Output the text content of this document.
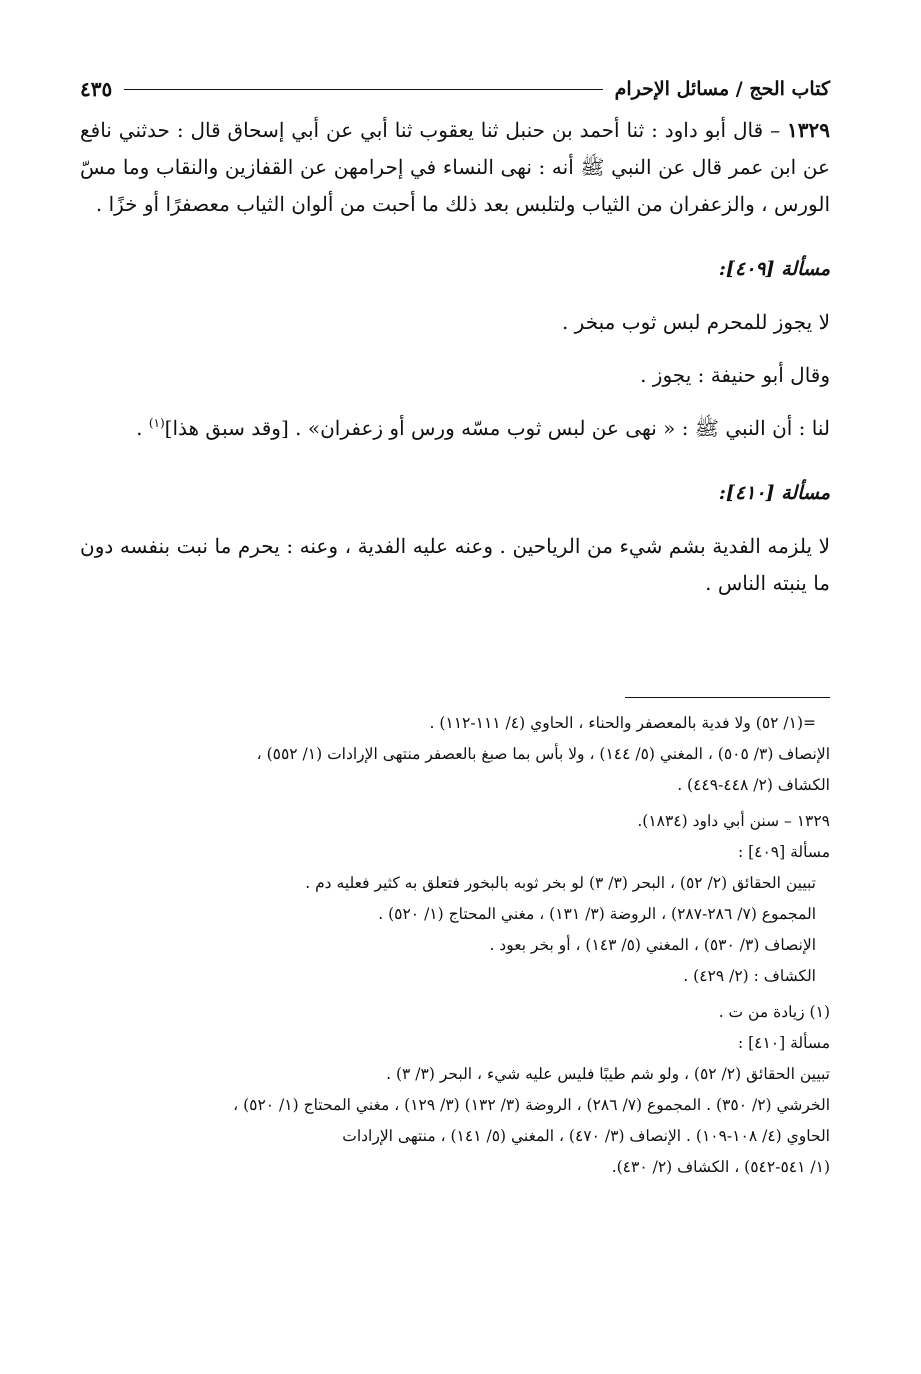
كتاب الحج / مسائل الإحرام
٤٣٥

١٣٢٩ – قال أبو داود : ثنا أحمد بن حنبل ثنا يعقوب ثنا أبي عن أبي إسحاق قال : حدثني نافع عن ابن عمر قال عن النبي ﷺ أنه : نهى النساء في إحرامهن عن القفازين والنقاب وما مسّ الورس ، والزعفران من الثياب ولتلبس بعد ذلك ما أحبت من ألوان الثياب معصفرًا أو خزًا .

مسألة [٤٠٩]:

لا يجوز للمحرم لبس ثوب مبخر .

وقال أبو حنيفة : يجوز .

لنا : أن النبي ﷺ : « نهى عن لبس ثوب مسّه ورس أو زعفران» . [وقد سبق هذا]$^{(١)}$ .

مسألة [٤١٠]:

لا يلزمه الفدية بشم شيء من الرياحين . وعنه عليه الفدية ، وعنه : يحرم ما نبت بنفسه دون ما ينبته الناس .

=(١/ ٥٢) ولا فدية بالمعصفر والحناء ، الحاوي (٤/ ١١١-١١٢) .
الإنصاف (٣/ ٥٠٥) ، المغني (٥/ ١٤٤) ، ولا بأس بما صبغ بالعصفر منتهى الإرادات (١/ ٥٥٢) ،
الكشاف (٢/ ٤٤٨-٤٤٩) .
١٣٢٩ – سنن أبي داود (١٨٣٤).
مسألة [٤٠٩] :
تبيين الحقائق (٢/ ٥٢) ، البحر (٣/ ٣) لو بخر ثوبه بالبخور فتعلق به كثير فعليه دم .
المجموع (٧/ ٢٨٦-٢٨٧) ، الروضة (٣/ ١٣١) ، مغني المحتاج (١/ ٥٢٠) .
الإنصاف (٣/ ٥٣٠) ، المغني (٥/ ١٤٣) ، أو بخر بعود .
الكشاف : (٢/ ٤٢٩) .
(١) زيادة من ت .
مسألة [٤١٠] :
تبيين الحقائق (٢/ ٥٢) ، ولو شم طيبًا فليس عليه شيء ، البحر (٣/ ٣) .
الخرشي (٢/ ٣٥٠) . المجموع (٧/ ٢٨٦) ، الروضة (٣/ ١٣٢) (٣/ ١٢٩) ، مغني المحتاج (١/ ٥٢٠) ،
الحاوي (٤/ ١٠٨-١٠٩) . الإنصاف (٣/ ٤٧٠) ، المغني (٥/ ١٤١) ، منتهى الإرادات
(١/ ٥٤١-٥٤٢) ، الكشاف (٢/ ٤٣٠).
